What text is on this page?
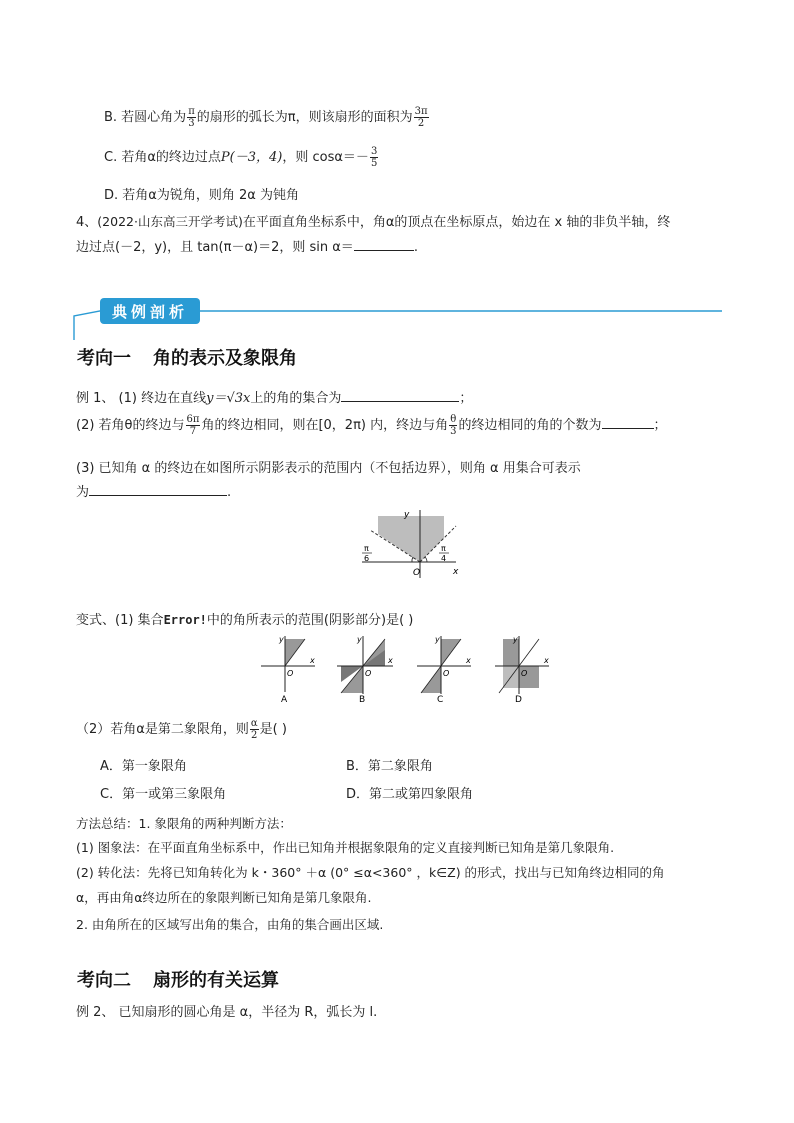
B. 若圆心角为 $\frac{\pi}{3}$ 的扇形的弧长为π，则该扇形的面积为 $\frac{3\pi}{2}$
C. 若角α的终边过点P(－3，4)，则 $\cos\alpha=- \frac{3}{5}$
D. 若角α为锐角，则角 2α 为钝角
4、(2022·山东高三开学考试)在平面直角坐标系中，角α的顶点在坐标原点，始边在 x 轴的非负半轴，终
边过点(－2，y)，且 tan(π－α)＝2，则 sin α＝	.
典例剖析
考向一 角的表示及象限角
例 1、 (1) 终边在直线y＝√3x上的角的集合为	；
(2) 若角θ的终边与 $\frac{6\pi}{7}$ 角的终边相同，则在[0，2π) 内，终边与角 $\frac{\theta}{3}$ 的终边相同的角的个数为	；
(3) 已知角 α 的终边在如图所示阴影表示的范围内（不包括边界），则角 α 用集合可表示
为	.
y
x
O
π
6
π
4
变式、(1) 集合Error!中的角所表示的范围(阴影部分)是( )
y
x
O
A
y
x
O
B
y
x
O
C
y
x
O
D
（2）若角α是第二象限角，则 $\frac{\alpha}{2}$ 是( )
A．第一象限角	B．第二象限角
C．第一或第三象限角	D．第二或第四象限角
方法总结：1. 象限角的两种判断方法：
(1) 图象法：在平面直角坐标系中，作出已知角并根据象限角的定义直接判断已知角是第几象限角.
(2) 转化法：先将已知角转化为 k・360° ＋α (0° ≤α<360° ，k∈Z) 的形式，找出与已知角终边相同的角
α，再由角α终边所在的象限判断已知角是第几象限角.
2. 由角所在的区域写出角的集合，由角的集合画出区域.
考向二 扇形的有关运算
例 2、 已知扇形的圆心角是 α，半径为 R，弧长为 l.
